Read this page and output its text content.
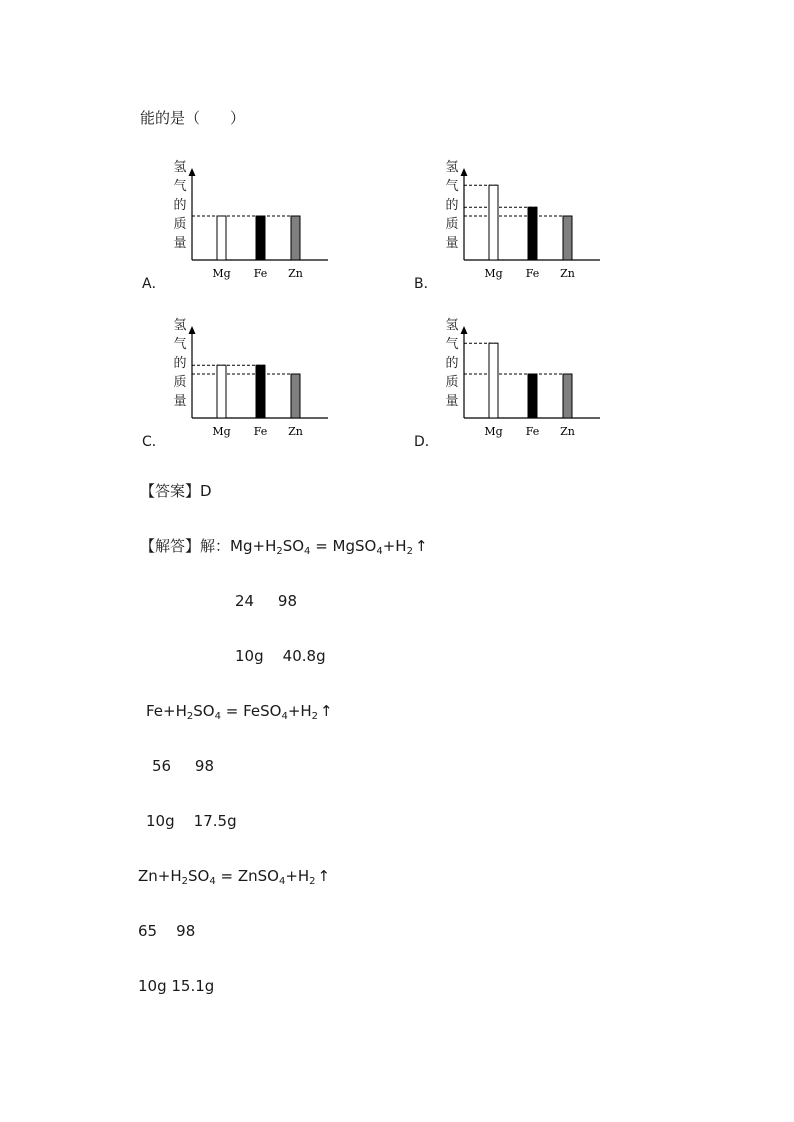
能的是（　　）
氢
气
的
质
量
Mg Fe Zn
A．
氢
气
的
质
量
Mg Fe Zn
B．
氢
气
的
质
量
Mg Fe Zn
C．
氢
气
的
质
量
Mg Fe Zn
D．
【答案】D
【解答】解：$Mg+H_2SO_4$ = $MgSO_4+H_2$ ↑
24     98
10g    40.8g
$Fe+H_2SO_4$ = $FeSO_4+H_2$ ↑
56     98
10g    17.5g
$Zn+H_2SO_4$ = $ZnSO_4+H_2$ ↑
65    98
10g 15.1g
